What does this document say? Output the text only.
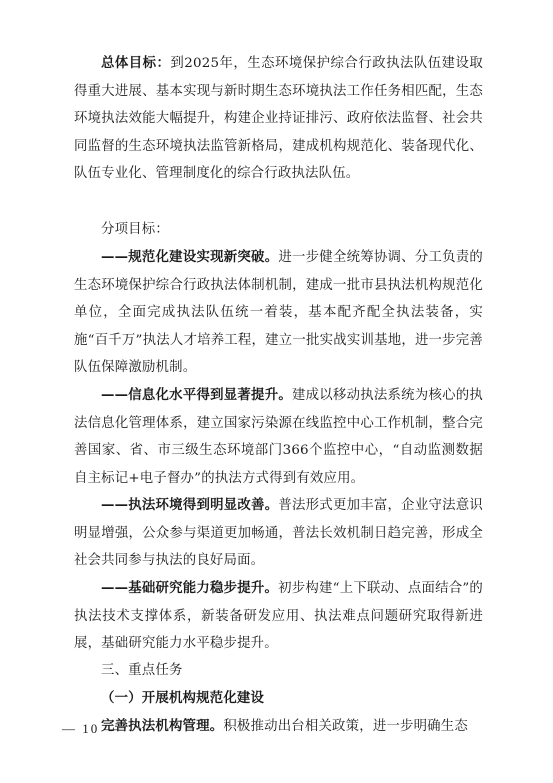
总体目标：到2025年，生态环境保护综合行政执法队伍建设取得重大进展、基本实现与新时期生态环境执法工作任务相匹配，生态环境执法效能大幅提升，构建企业持证排污、政府依法监督、社会共同监督的生态环境执法监管新格局，建成机构规范化、装备现代化、队伍专业化、管理制度化的综合行政执法队伍。

分项目标：

——规范化建设实现新突破。进一步健全统筹协调、分工负责的生态环境保护综合行政执法体制机制，建成一批市县执法机构规范化单位，全面完成执法队伍统一着装，基本配齐配全执法装备，实施“百千万”执法人才培养工程，建立一批实战实训基地，进一步完善队伍保障激励机制。

——信息化水平得到显著提升。建成以移动执法系统为核心的执法信息化管理体系，建立国家污染源在线监控中心工作机制，整合完善国家、省、市三级生态环境部门366个监控中心，“自动监测数据自主标记+电子督办”的执法方式得到有效应用。

——执法环境得到明显改善。普法形式更加丰富，企业守法意识明显增强，公众参与渠道更加畅通，普法长效机制日趋完善，形成全社会共同参与执法的良好局面。

——基础研究能力稳步提升。初步构建“上下联动、点面结合”的执法技术支撑体系，新装备研发应用、执法难点问题研究取得新进展，基础研究能力水平稳步提升。

三、重点任务

（一）开展机构规范化建设

完善执法机构管理。积极推动出台相关政策，进一步明确生态

— 10 —
